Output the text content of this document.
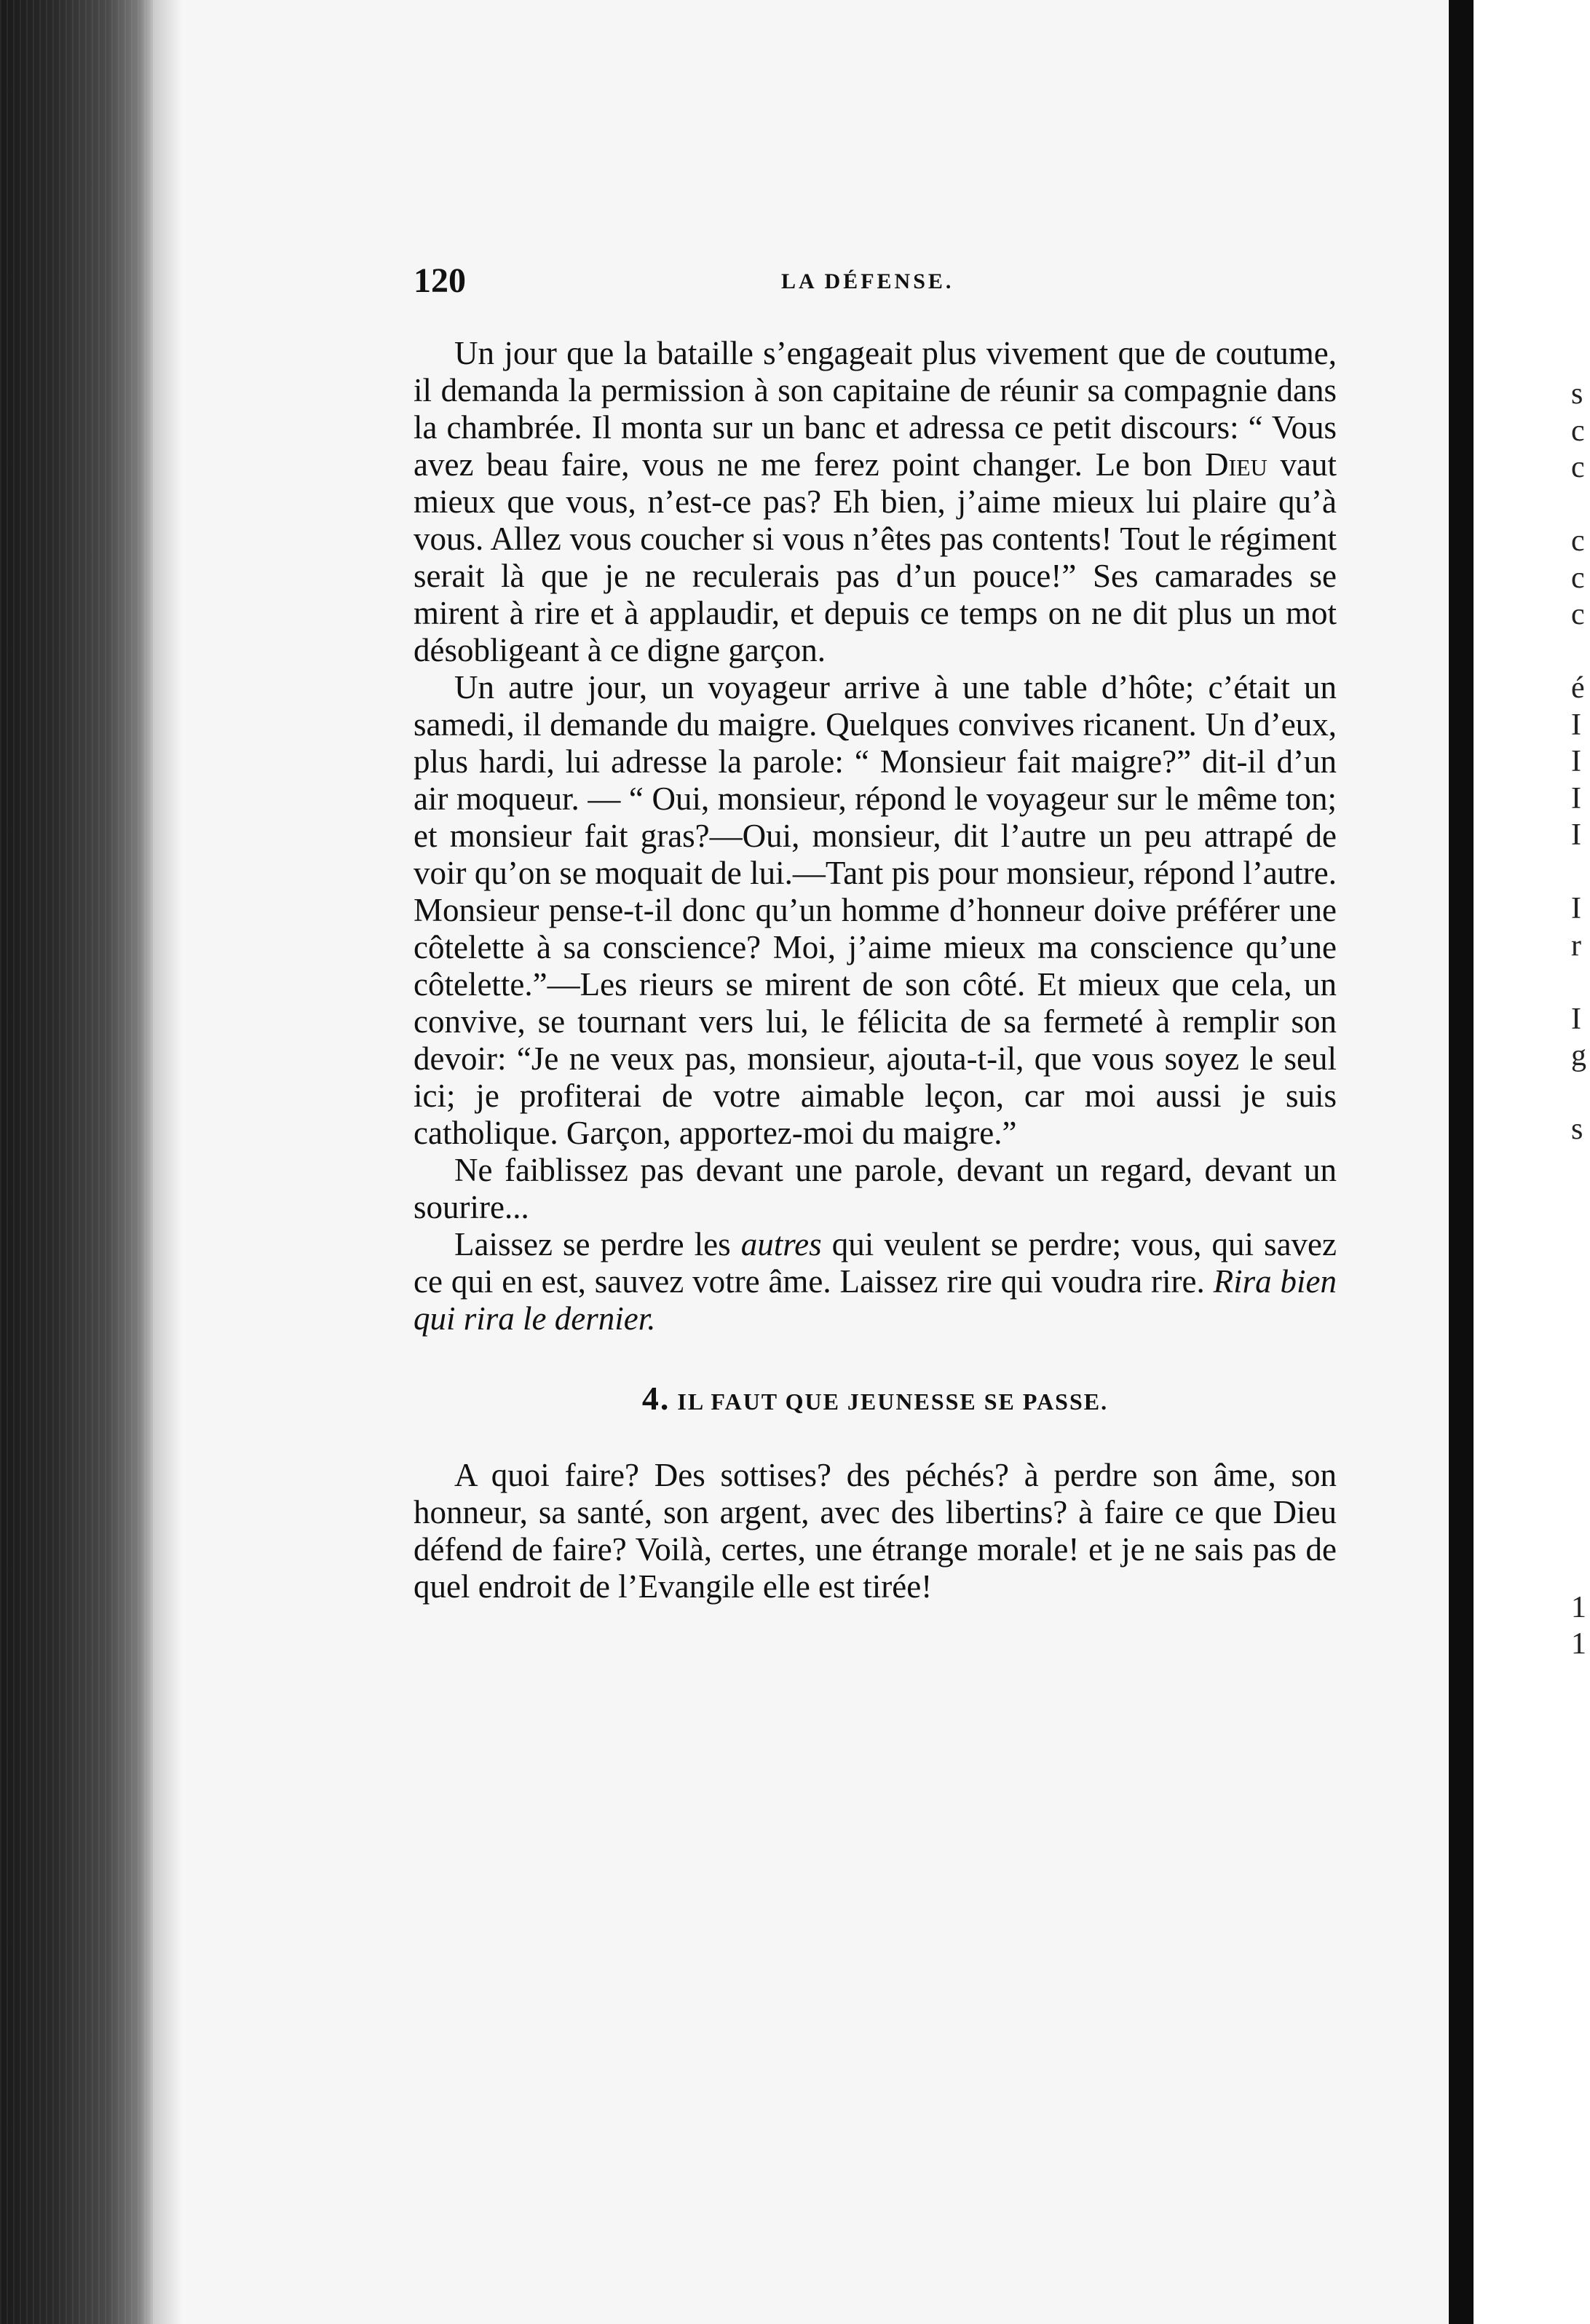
s
c
c
c
c
c
é
I
I
I
I
I
r
I
g
s
1
1
120	LA DÉFENSE.

Un jour que la bataille s’engageait plus vivement que de coutume, il demanda la permission à son capitaine de réunir sa compagnie dans la chambrée. Il monta sur un banc et adressa ce petit discours: “ Vous avez beau faire, vous ne me ferez point changer. Le bon Dieu vaut mieux que vous, n’est-ce pas? Eh bien, j’aime mieux lui plaire qu’à vous. Allez vous coucher si vous n’êtes pas contents! Tout le régiment serait là que je ne reculerais pas d’un pouce!” Ses camarades se mirent à rire et à applaudir, et depuis ce temps on ne dit plus un mot désobligeant à ce digne garçon.

Un autre jour, un voyageur arrive à une table d’hôte; c’était un samedi, il demande du maigre. Quelques convives ricanent. Un d’eux, plus hardi, lui adresse la parole: “ Monsieur fait maigre?” dit-il d’un air moqueur. — “ Oui, monsieur, répond le voyageur sur le même ton; et monsieur fait gras?—Oui, monsieur, dit l’autre un peu attrapé de voir qu’on se moquait de lui.—Tant pis pour monsieur, répond l’autre. Monsieur pense-t-il donc qu’un homme d’honneur doive préférer une côtelette à sa conscience? Moi, j’aime mieux ma conscience qu’une côtelette.”—Les rieurs se mirent de son côté. Et mieux que cela, un convive, se tournant vers lui, le félicita de sa fermeté à remplir son devoir: “Je ne veux pas, monsieur, ajouta-t-il, que vous soyez le seul ici; je profiterai de votre aimable leçon, car moi aussi je suis catholique. Garçon, apportez-moi du maigre.”

Ne faiblissez pas devant une parole, devant un regard, devant un sourire...

Laissez se perdre les autres qui veulent se perdre; vous, qui savez ce qui en est, sauvez votre âme. Laissez rire qui voudra rire. Rira bien qui rira le dernier.

4. IL FAUT QUE JEUNESSE SE PASSE.

A quoi faire? Des sottises? des péchés? à perdre son âme, son honneur, sa santé, son argent, avec des libertins? à faire ce que Dieu défend de faire? Voilà, certes, une étrange morale! et je ne sais pas de quel endroit de l’Evangile elle est tirée!
